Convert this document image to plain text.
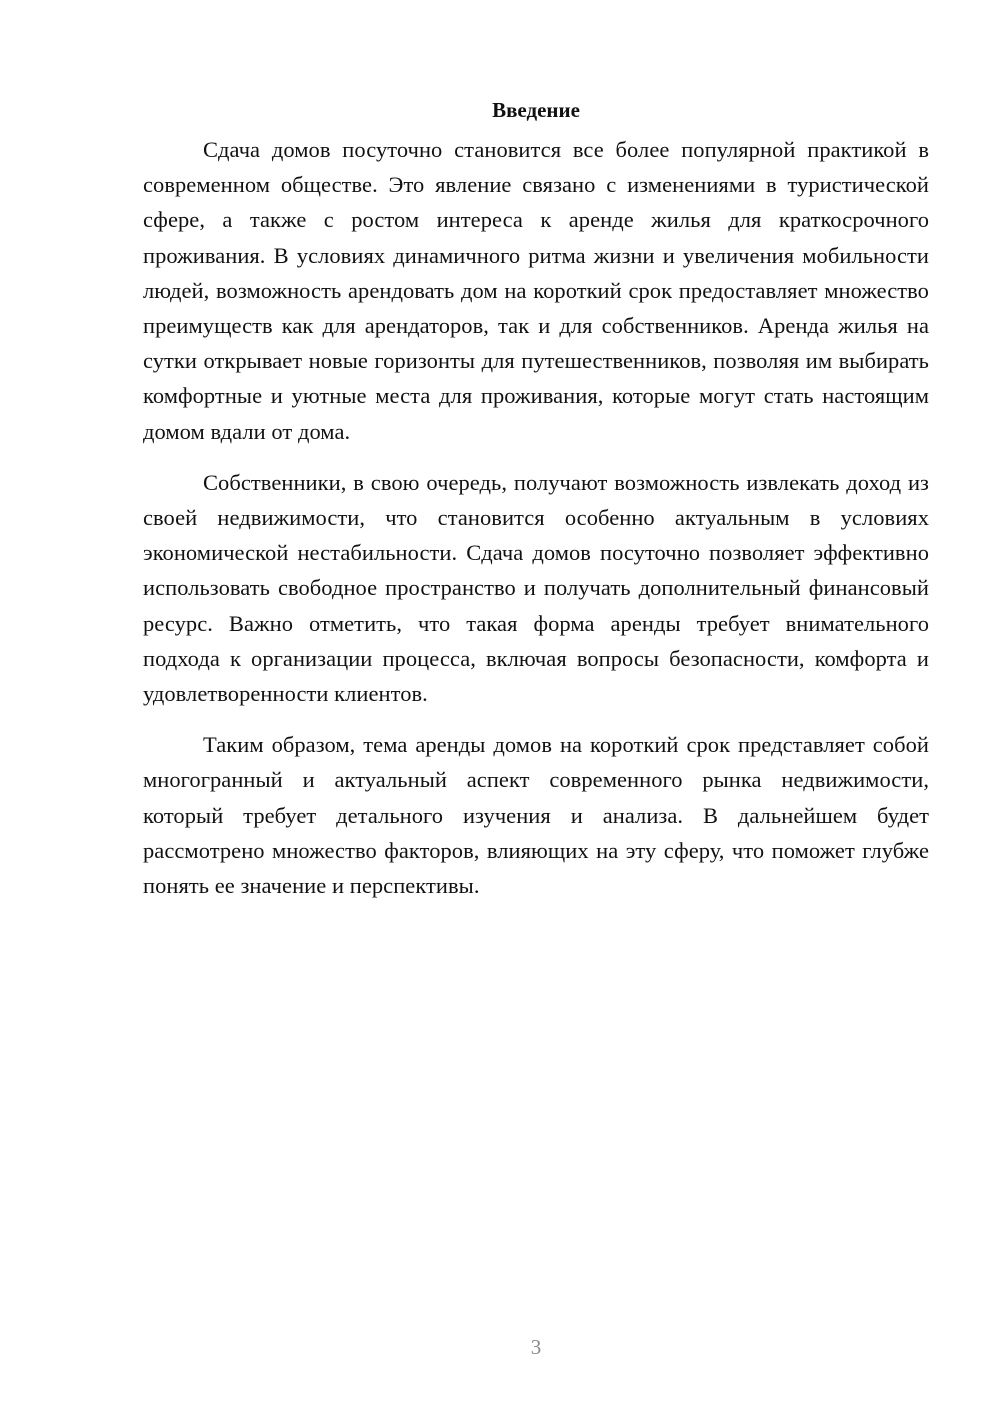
Введение

Сдача домов посуточно становится все более популярной практикой в современном обществе. Это явление связано с изменениями в туристической сфере, а также с ростом интереса к аренде жилья для краткосрочного проживания. В условиях динамичного ритма жизни и увеличения мобильности людей, возможность арендовать дом на короткий срок предоставляет множество преимуществ как для арендаторов, так и для собственников. Аренда жилья на сутки открывает новые горизонты для путешественников, позволяя им выбирать комфортные и уютные места для проживания, которые могут стать настоящим домом вдали от дома.

Собственники, в свою очередь, получают возможность извлекать доход из своей недвижимости, что становится особенно актуальным в условиях экономической нестабильности. Сдача домов посуточно позволяет эффективно использовать свободное пространство и получать дополнительный финансовый ресурс. Важно отметить, что такая форма аренды требует внимательного подхода к организации процесса, включая вопросы безопасности, комфорта и удовлетворенности клиентов.

Таким образом, тема аренды домов на короткий срок представляет собой многогранный и актуальный аспект современного рынка недвижимости, который требует детального изучения и анализа. В дальнейшем будет рассмотрено множество факторов, влияющих на эту сферу, что поможет глубже понять ее значение и перспективы.

3
